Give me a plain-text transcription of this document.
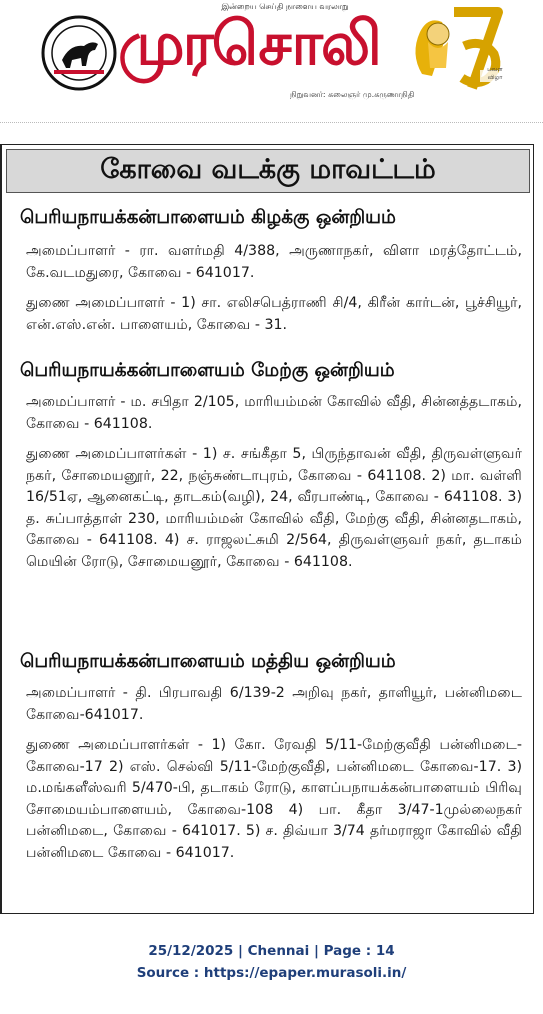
இன்றைய செய்தி நாளைய வரலாறு
முரசொலி
நிறுவனர்: கலைஞர் மு.கருணாநிதி
பவள விழா
கோவை வடக்கு மாவட்டம்
பெரியநாயக்கன்பாளையம் கிழக்கு ஒன்றியம்
அமைப்பாளர் - ரா. வளர்மதி 4/388, அருணாநகர், விளா மரத்தோட்டம், கே.வடமதுரை, கோவை - 641017.
துணை அமைப்பாளர் - 1) சா. எலிசபெத்ராணி சி/4, கிரீன் கார்டன், பூச்சியூர், என்.எஸ்.என். பாளையம், கோவை - 31.
பெரியநாயக்கன்பாளையம் மேற்கு ஒன்றியம்
அமைப்பாளர் - ம. சபிதா 2/105, மாரியம்மன் கோவில் வீதி, சின்னத்தடாகம், கோவை - 641108.
துணை அமைப்பாளர்கள் - 1) ச. சங்கீதா 5, பிருந்தாவன் வீதி, திருவள்ளுவர் நகர், சோமையனூர், 22, நஞ்சுண்டாபுரம், கோவை - 641108. 2) மா. வள்ளி 16/51ஏ, ஆனைகட்டி, தாடகம்(வழி), 24, வீரபாண்டி, கோவை - 641108. 3) த. சுப்பாத்தாள் 230, மாரியம்மன் கோவில் வீதி, மேற்கு வீதி, சின்னதடாகம், கோவை - 641108. 4) ச. ராஜலட்சுமி 2/564, திருவள்ளுவர் நகர், தடாகம் மெயின் ரோடு, சோமையனூர், கோவை - 641108.
பெரியநாயக்கன்பாளையம் மத்திய ஒன்றியம்
அமைப்பாளர் - தி. பிரபாவதி 6/139-2 அறிவு நகர், தாளியூர், பன்னிமடை கோவை-641017.
துணை அமைப்பாளர்கள் - 1) கோ. ரேவதி 5/11-மேற்குவீதி பன்னிமடை- கோவை-17 2) எஸ். செல்வி 5/11-மேற்குவீதி, பன்னிமடை கோவை-17. 3) ம.மங்களீஸ்வரி 5/470-பி, தடாகம் ரோடு, காளப்பநாயக்கன்பாளையம் பிரிவு சோமையம்பாளையம், கோவை-108 4) பா. கீதா 3/47-1முல்லைநகர் பன்னிமடை, கோவை - 641017. 5) ச. திவ்யா 3/74 தர்மராஜா கோவில் வீதி பன்னிமடை கோவை - 641017.
25/12/2025 | Chennai | Page : 14
Source : https://epaper.murasoli.in/
